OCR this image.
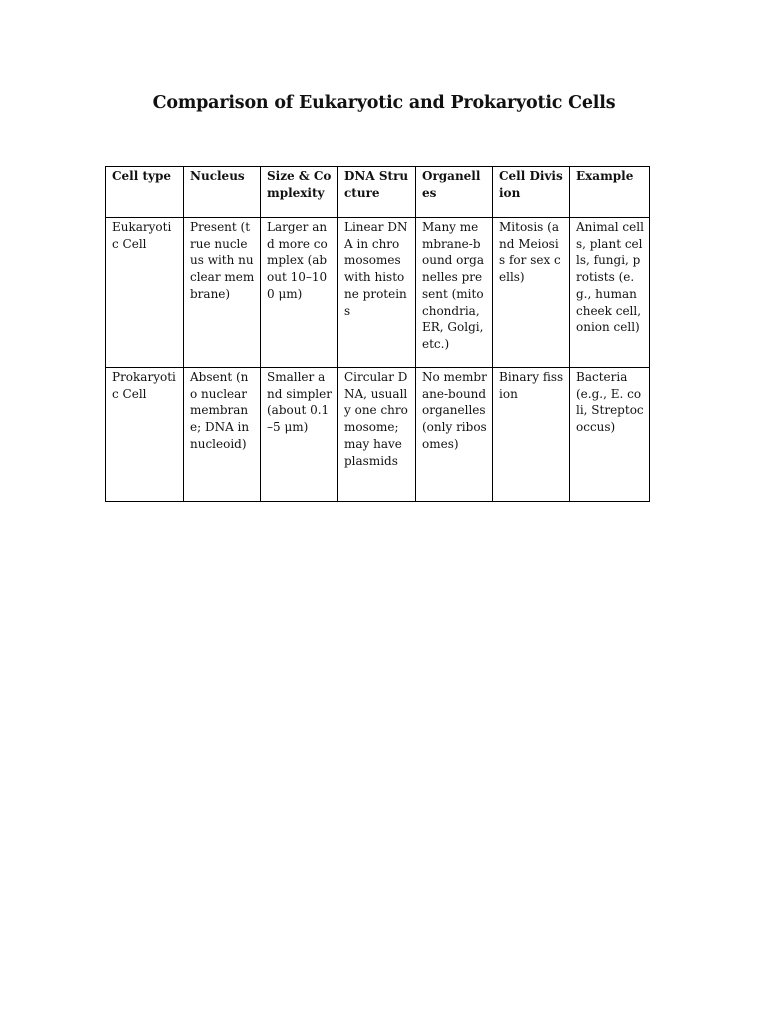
Comparison of Eukaryotic and Prokaryotic Cells
Cell type	Nucleus	Size & Complexity	DNA Structure	Organelles	Cell Division	Example
Eukaryotic Cell	Present (true nucleus with nuclear membrane)	Larger and more complex (about 10–100 μm)	Linear DNA in chromosomes with histone proteins	Many membrane-bound organelles present (mitochondria, ER, Golgi, etc.)	Mitosis (and Meiosis for sex cells)	Animal cells, plant cells, fungi, protists (e.g., human cheek cell, onion cell)
Prokaryotic Cell	Absent (no nuclear membrane; DNA in nucleoid)	Smaller and simpler (about 0.1–5 μm)	Circular DNA, usually one chromosome; may have plasmids	No membrane-bound organelles (only ribosomes)	Binary fission	Bacteria (e.g., E. coli, Streptococcus)
